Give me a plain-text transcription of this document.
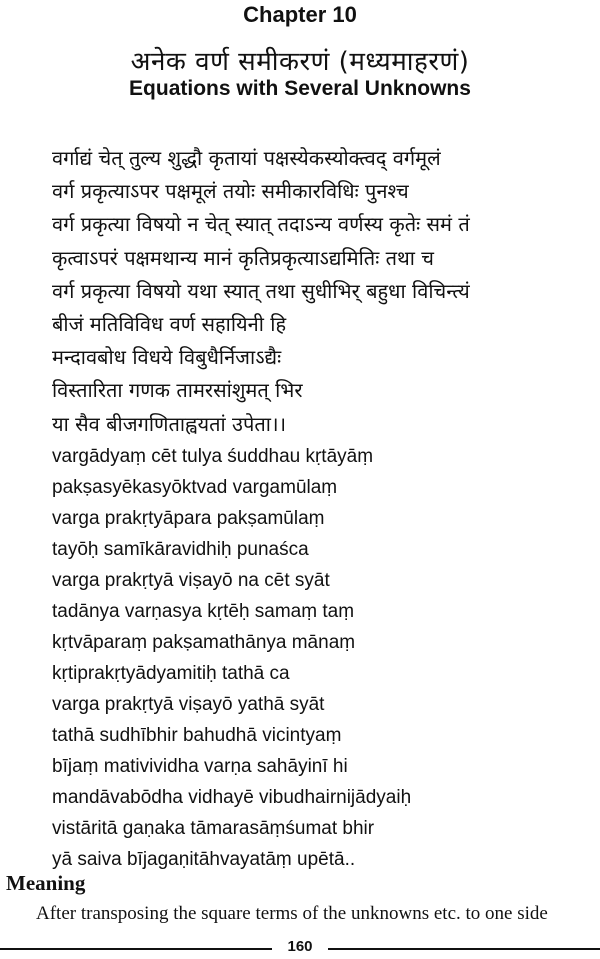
Chapter 10
अनेक वर्ण समीकरणं (मध्यमाहरणं)
Equations with Several Unknowns
वर्गाद्यं चेत् तुल्य शुद्धौ कृतायां पक्षस्येकस्योक्त्वद् वर्गमूलं
वर्ग प्रकृत्याऽपर पक्षमूलं तयोः समीकारविधिः पुनश्च
वर्ग प्रकृत्या विषयो न चेत् स्यात् तदाऽन्य वर्णस्य कृतेः समं तं
कृत्वाऽपरं पक्षमथान्य मानं कृतिप्रकृत्याऽद्यमितिः तथा च
वर्ग प्रकृत्या विषयो यथा स्यात् तथा सुधीभिर् बहुधा विचिन्त्यं
बीजं मतिविविध वर्ण सहायिनी हि
मन्दावबोध विधये विबुधैर्निजाऽद्यैः
विस्तारिता गणक तामरसांशुमत् भिर
या सैव बीजगणिताह्वयतां उपेता।।
vargādyaṃ cēt tulya śuddhau kṛtāyāṃ
pakṣasyēkasyōktvad vargamūlaṃ
varga prakṛtyāpara pakṣamūlaṃ
tayōḥ samīkāravidhiḥ punaśca
varga prakṛtyā viṣayō na cēt syāt
tadānya varṇasya kṛtēḥ samaṃ taṃ
kṛtvāparaṃ pakṣamathānya mānaṃ
kṛtiprakṛtyādyamitiḥ tathā ca
varga prakṛtyā viṣayō yathā syāt
tathā sudhībhir bahudhā vicintyaṃ
bījaṃ mativividha varṇa sahāyinī hi
mandāvabōdha vidhayē vibudhairnijādyaiḥ
vistāritā gaṇaka tāmarasāṃśumat bhir
yā saiva bījagaṇitāhvayatāṃ upētā..
Meaning
After transposing the square terms of the unknowns etc. to one side
160
